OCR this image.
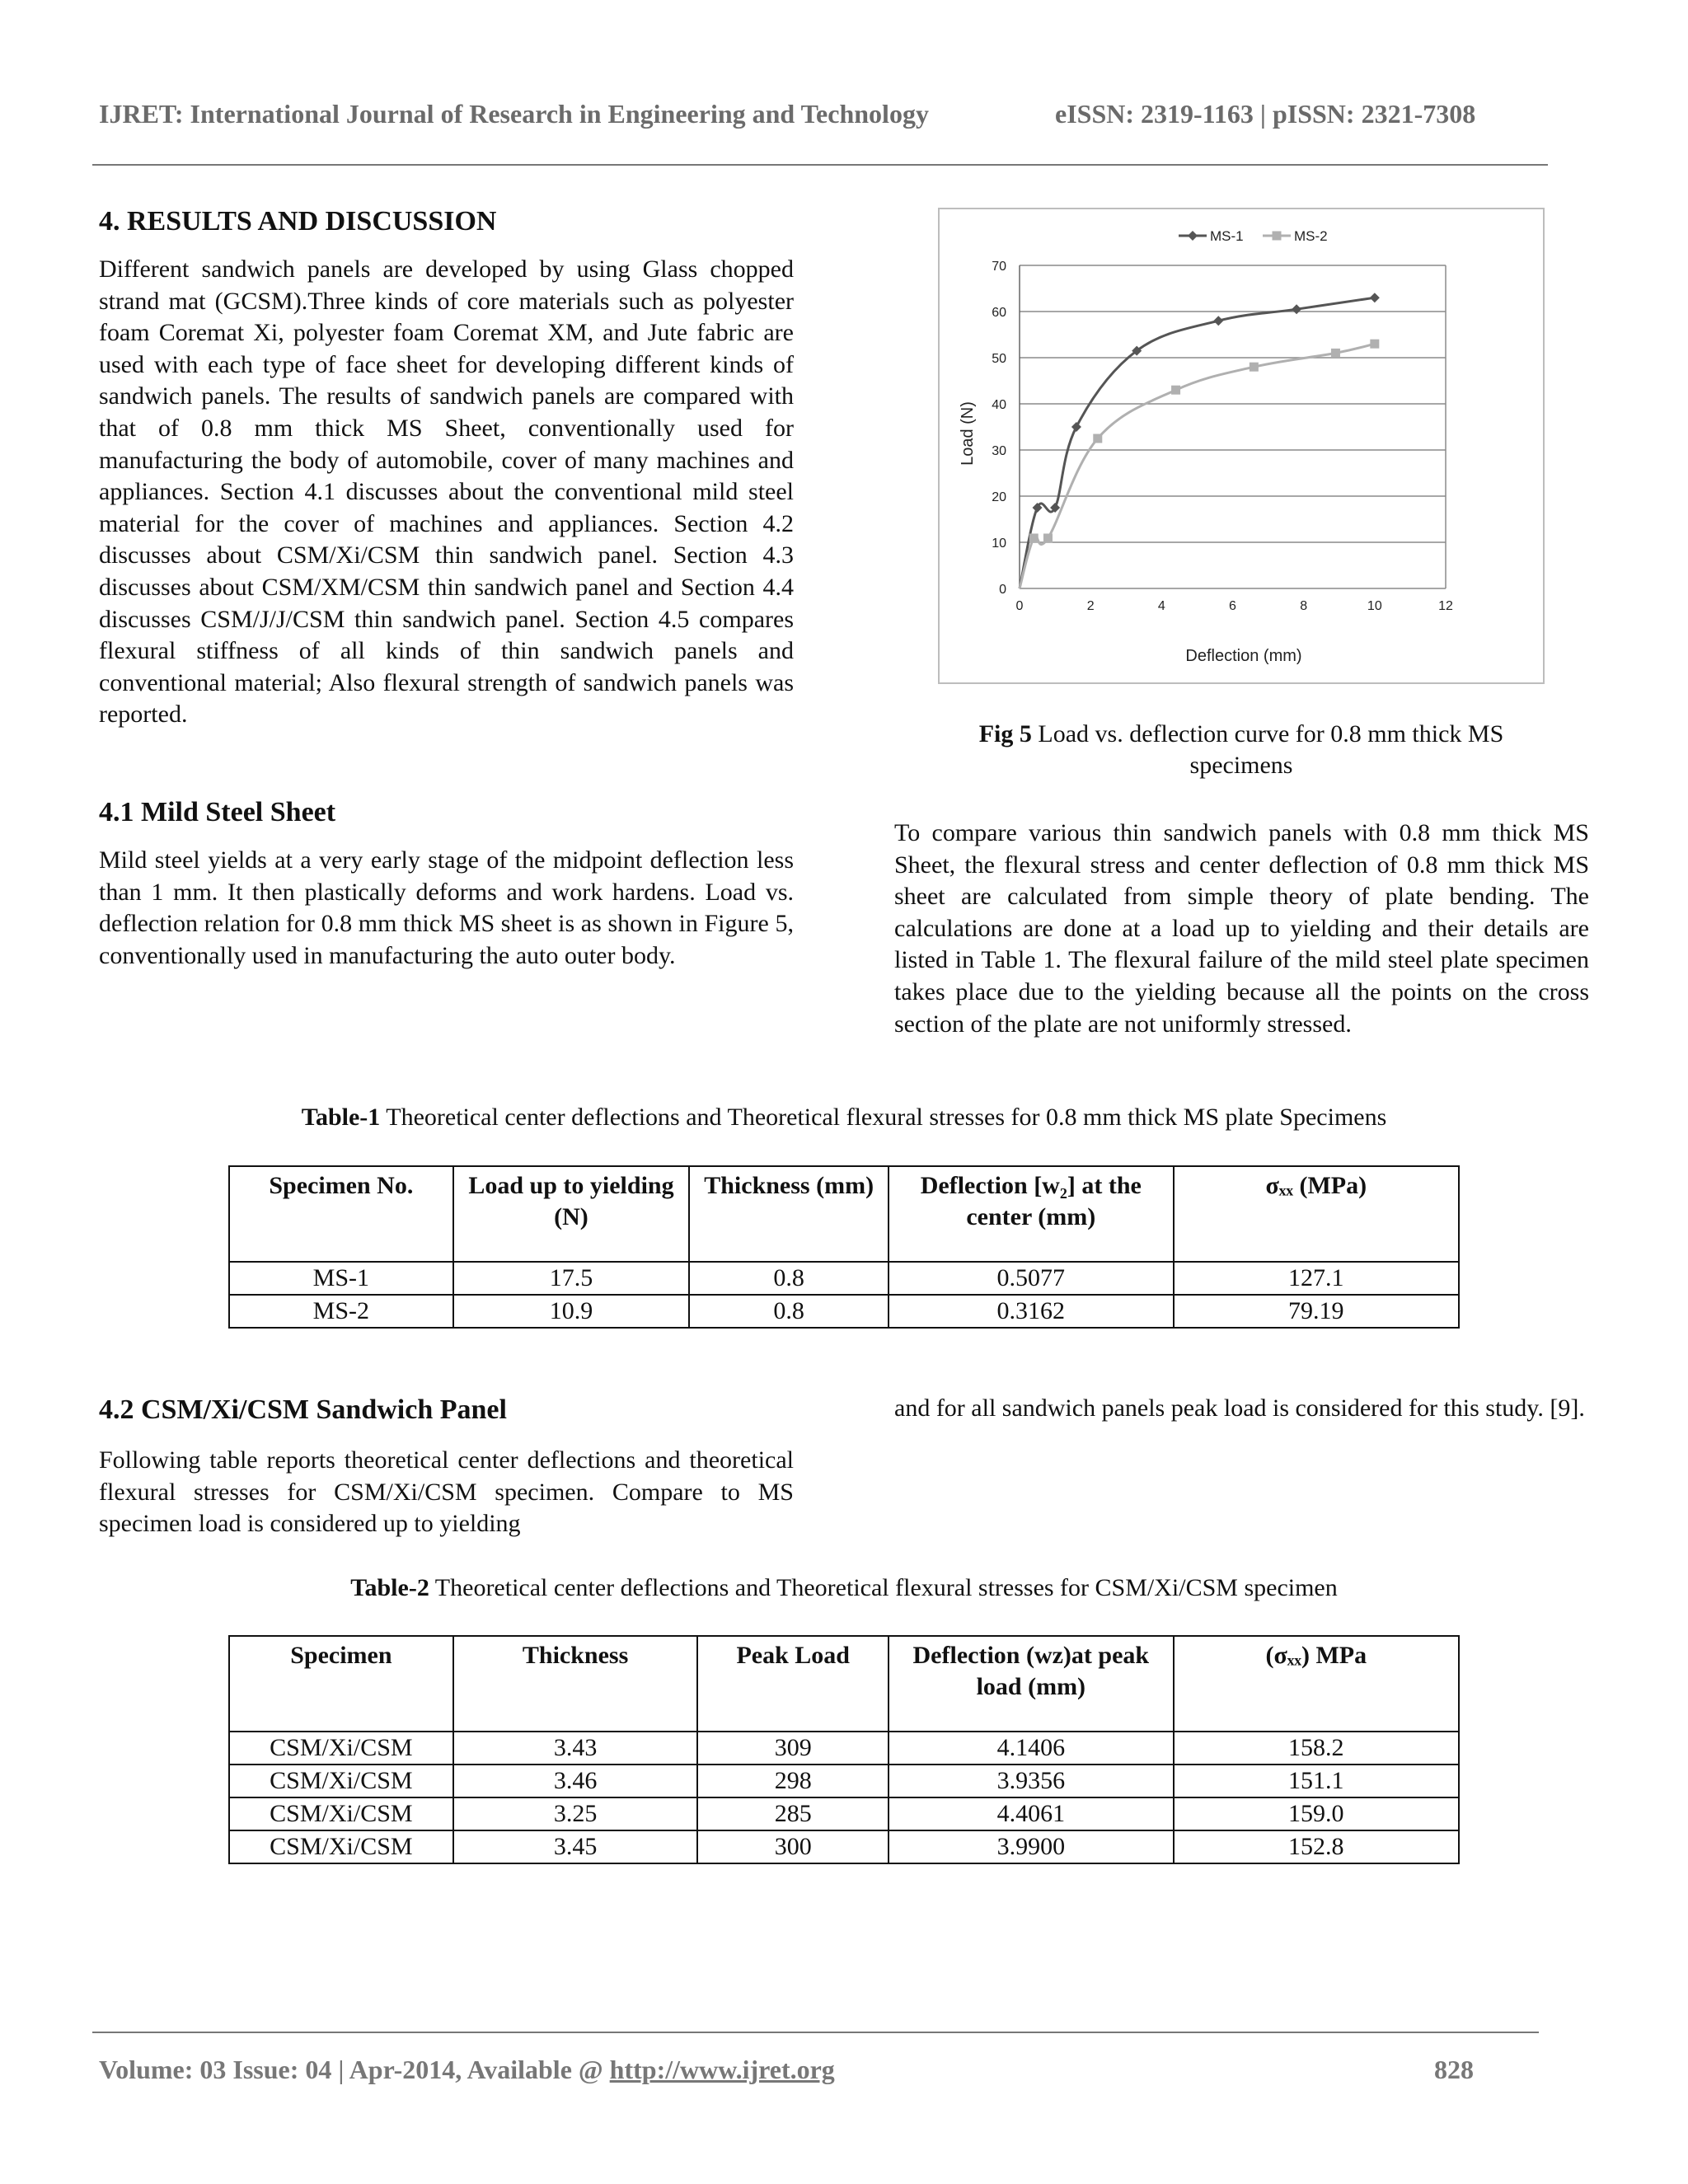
IJRET: International Journal of Research in Engineering and Technology	eISSN: 2319-1163 | pISSN: 2321-7308
4. RESULTS AND DISCUSSION
Different sandwich panels are developed by using Glass chopped strand mat (GCSM).Three kinds of core materials such as polyester foam Coremat Xi, polyester foam Coremat XM, and Jute fabric are used with each type of face sheet for developing different kinds of sandwich panels. The results of sandwich panels are compared with that of 0.8 mm thick MS Sheet, conventionally used for manufacturing the body of automobile, cover of many machines and appliances. Section 4.1 discusses about the conventional mild steel material for the cover of machines and appliances. Section 4.2 discusses about CSM/Xi/CSM thin sandwich panel. Section 4.3 discusses about CSM/XM/CSM thin sandwich panel and Section 4.4 discusses CSM/J/J/CSM thin sandwich panel. Section 4.5 compares flexural stiffness of all kinds of thin sandwich panels and conventional material; Also flexural strength of sandwich panels was reported.
4.1 Mild Steel Sheet
Mild steel yields at a very early stage of the midpoint deflection less than 1 mm. It then plastically deforms and work hardens. Load vs. deflection relation for 0.8 mm thick MS sheet is as shown in Figure 5, conventionally used in manufacturing the auto outer body.
MS-1	MS-2
0
10
20
30
40
50
60
70
0	2	4	6	8	10	12
Deflection (mm)
Load (N)
Fig 5 Load vs. deflection curve for 0.8 mm thick MS specimens
To compare various thin sandwich panels with 0.8 mm thick MS Sheet, the flexural stress and center deflection of 0.8 mm thick MS sheet are calculated from simple theory of plate bending. The calculations are done at a load up to yielding and their details are listed in Table 1. The flexural failure of the mild steel plate specimen takes place due to the yielding because all the points on the cross section of the plate are not uniformly stressed.
Table-1 Theoretical center deflections and Theoretical flexural stresses for 0.8 mm thick MS plate Specimens
Specimen No.	Load up to yielding (N)	Thickness (mm)	Deflection [w₂] at the center (mm)	σₓₓ (MPa)
MS-1	17.5	0.8	0.5077	127.1
MS-2	10.9	0.8	0.3162	79.19
4.2 CSM/Xi/CSM Sandwich Panel
Following table reports theoretical center deflections and theoretical flexural stresses for CSM/Xi/CSM specimen. Compare to MS specimen load is considered up to yielding
and for all sandwich panels peak load is considered for this study. [9].
Table-2 Theoretical center deflections and Theoretical flexural stresses for CSM/Xi/CSM specimen
Specimen	Thickness	Peak Load	Deflection (wz)at peak load (mm)	(σₓₓ) MPa
CSM/Xi/CSM	3.43	309	4.1406	158.2
CSM/Xi/CSM	3.46	298	3.9356	151.1
CSM/Xi/CSM	3.25	285	4.4061	159.0
CSM/Xi/CSM	3.45	300	3.9900	152.8
Volume: 03 Issue: 04 | Apr-2014, Available @ http://www.ijret.org	828
